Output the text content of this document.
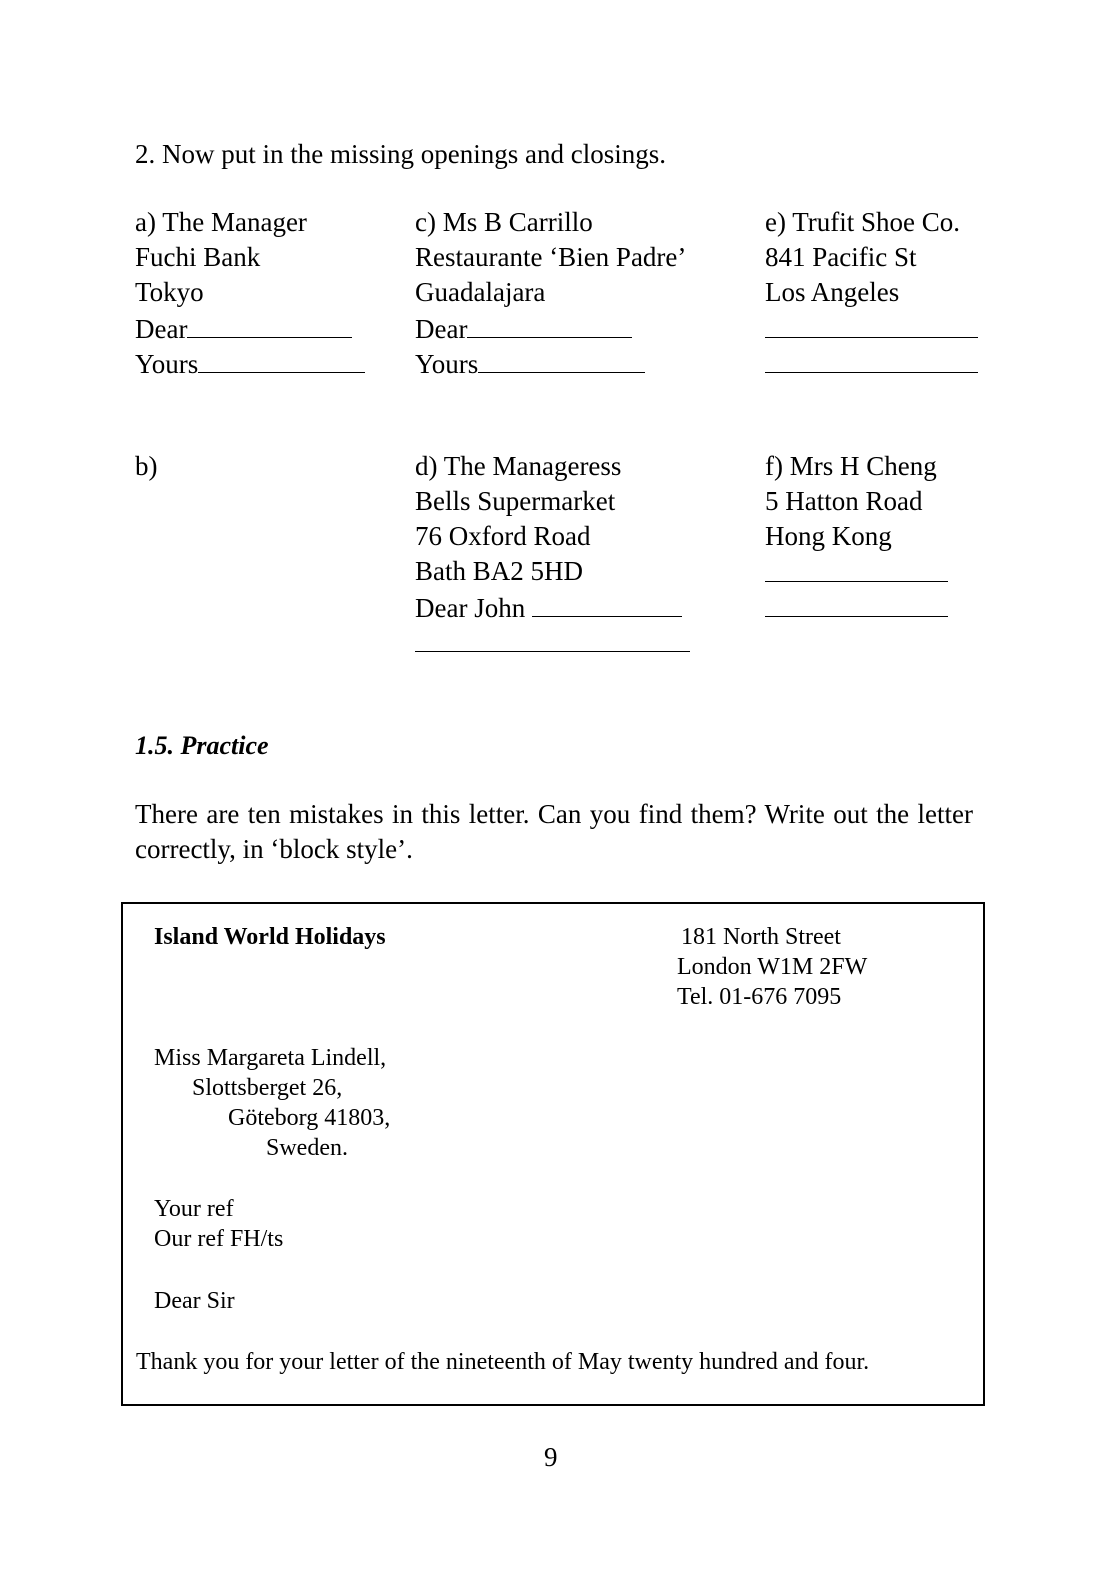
2. Now put in the missing openings and closings.
a) The Manager
Fuchi Bank
Tokyo
Dear
Yours
c) Ms B Carrillo
Restaurante ‘Bien Padre’
Guadalajara
Dear
Yours
e) Trufit Shoe Co.
841 Pacific St
Los Angeles
b)	d) The Manageress
Bells Supermarket
76 Oxford Road
Bath BA2 5HD
Dear John
f) Mrs H Cheng
5 Hatton Road
Hong Kong
1.5. Practice
There are ten mistakes in this letter. Can you find them? Write out the letter correctly, in ‘block style’.
Island World Holidays	181 North Street
London W1M 2FW
Tel. 01-676 7095
Miss Margareta Lindell,
Slottsberget 26,
Göteborg 41803,
Sweden.
Your ref
Our ref FH/ts
Dear Sir
Thank you for your letter of the nineteenth of May twenty hundred and four.
9
